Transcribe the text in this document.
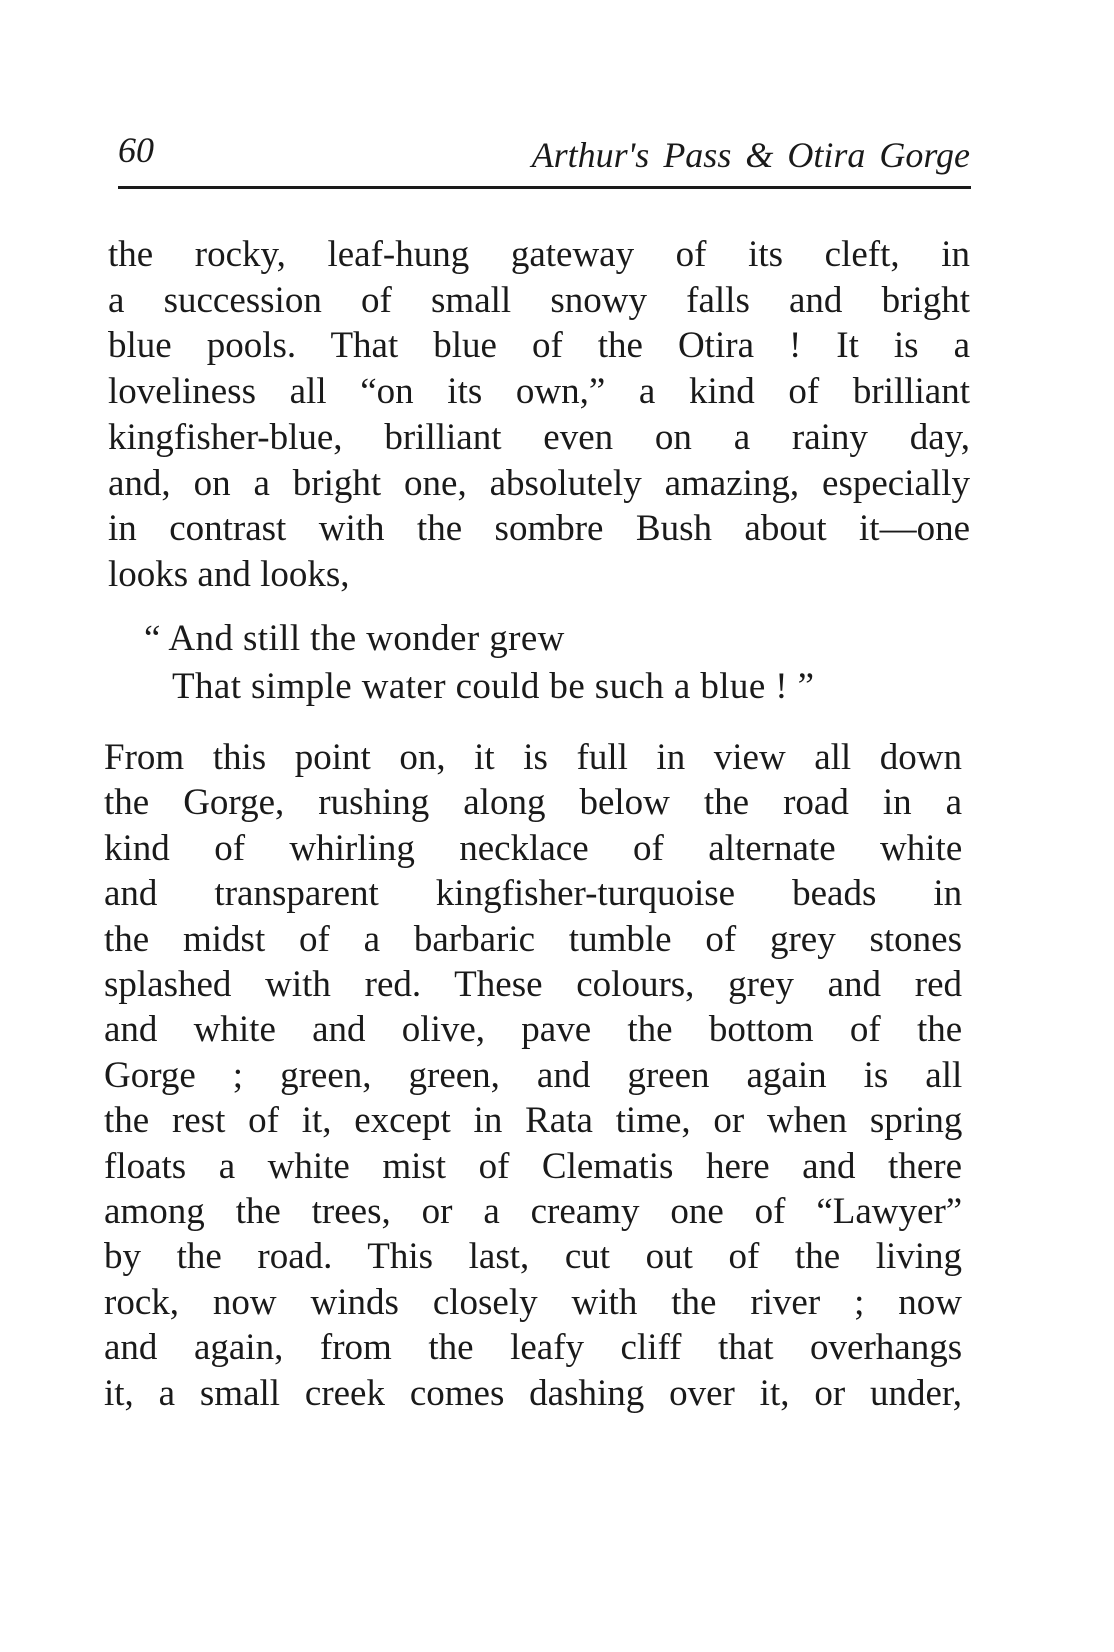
60	Arthur's Pass & Otira Gorge
the rocky, leaf-hung gateway of its cleft, in
a succession of small snowy falls and bright
blue pools. That blue of the Otira ! It is a
loveliness all “on its own,” a kind of brilliant
kingfisher-blue, brilliant even on a rainy day,
and, on a bright one, absolutely amazing, especially
in contrast with the sombre Bush about it—one
looks and looks,
“ And still the wonder grew
That simple water could be such a blue ! ”
From this point on, it is full in view all down
the Gorge, rushing along below the road in a
kind of whirling necklace of alternate white
and transparent kingfisher-turquoise beads in
the midst of a barbaric tumble of grey stones
splashed with red. These colours, grey and red
and white and olive, pave the bottom of the
Gorge ; green, green, and green again is all
the rest of it, except in Rata time, or when spring
floats a white mist of Clematis here and there
among the trees, or a creamy one of “Lawyer”
by the road. This last, cut out of the living
rock, now winds closely with the river ; now
and again, from the leafy cliff that overhangs
it, a small creek comes dashing over it, or under,
